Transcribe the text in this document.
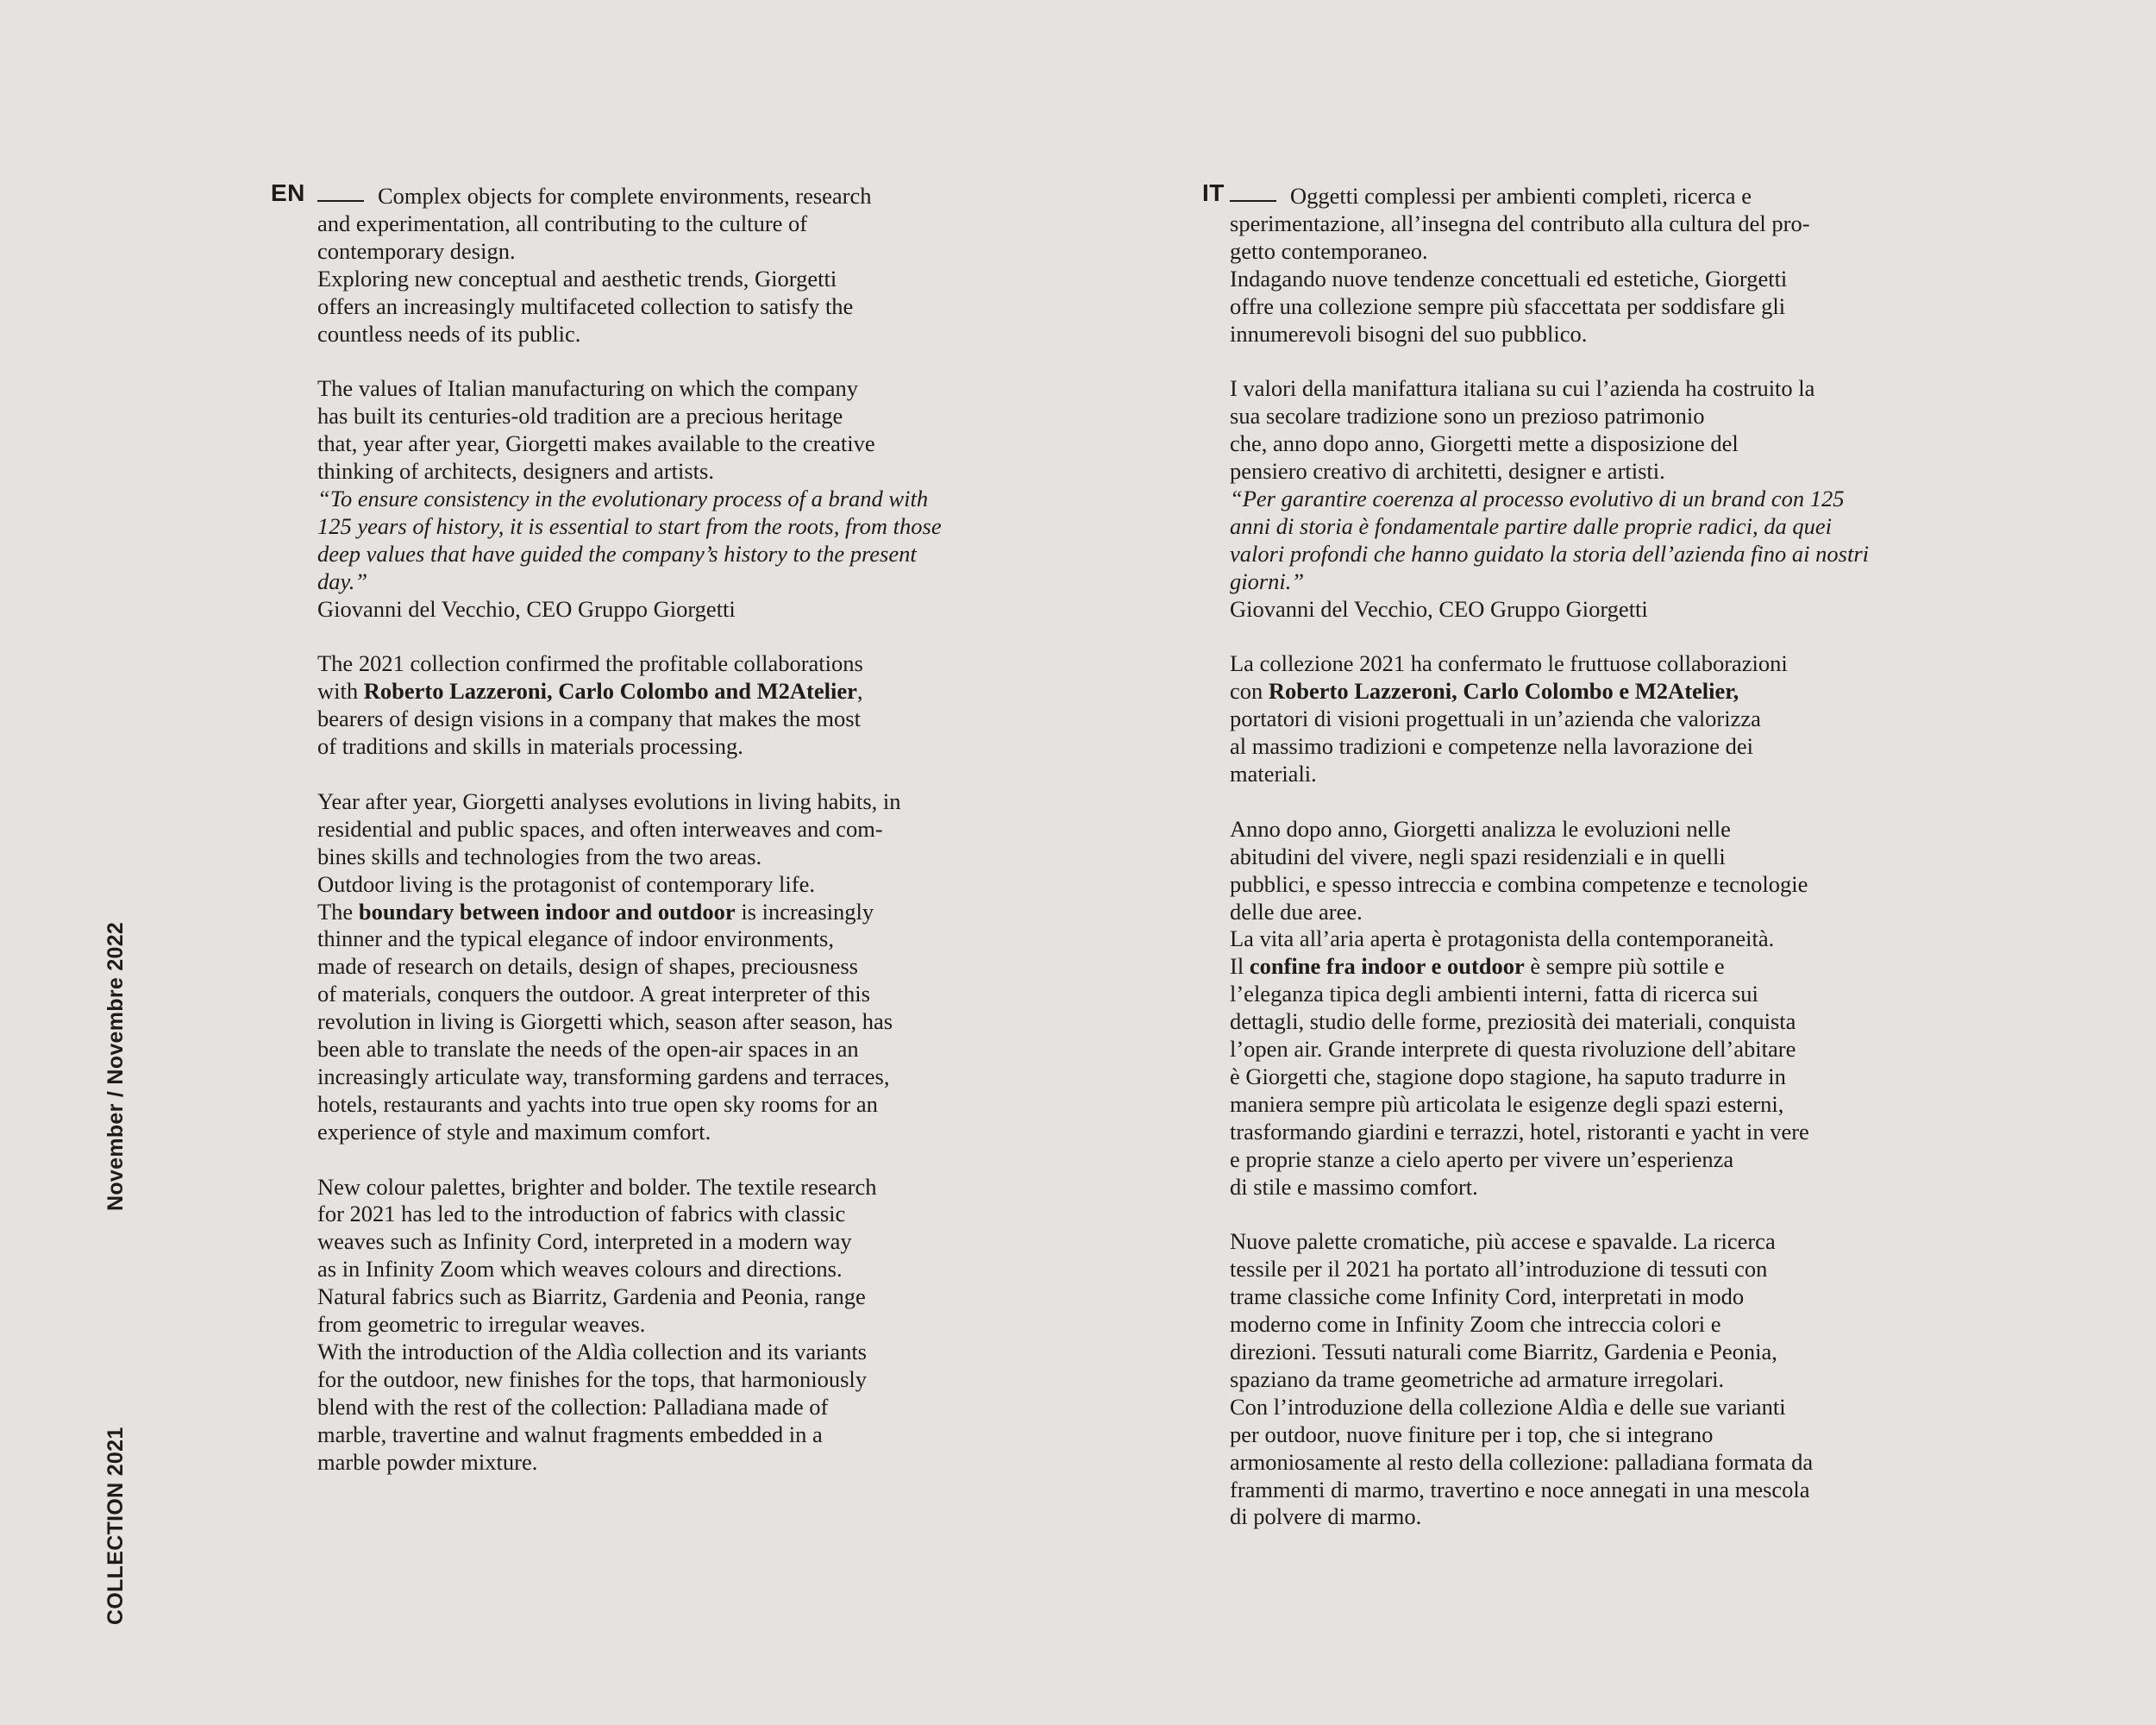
November / Novembre 2022
COLLECTION 2021
EN	IT

Complex objects for complete environments, research
and experimentation, all contributing to the culture of
contemporary design.
Exploring new conceptual and aesthetic trends, Giorgetti
offers an increasingly multifaceted collection to satisfy the
countless needs of its public.

The values of Italian manufacturing on which the company
has built its centuries-old tradition are a precious heritage
that, year after year, Giorgetti makes available to the creative
thinking of architects, designers and artists.
“To ensure consistency in the evolutionary process of a brand with
125 years of history, it is essential to start from the roots, from those
deep values that have guided the company’s history to the present
day.”
Giovanni del Vecchio, CEO Gruppo Giorgetti

The 2021 collection confirmed the profitable collaborations
with Roberto Lazzeroni, Carlo Colombo and M2Atelier,
bearers of design visions in a company that makes the most
of traditions and skills in materials processing.

Year after year, Giorgetti analyses evolutions in living habits, in
residential and public spaces, and often interweaves and com-
bines skills and technologies from the two areas.
Outdoor living is the protagonist of contemporary life.
The boundary between indoor and outdoor is increasingly
thinner and the typical elegance of indoor environments,
made of research on details, design of shapes, preciousness
of materials, conquers the outdoor. A great interpreter of this
revolution in living is Giorgetti which, season after season, has
been able to translate the needs of the open-air spaces in an
increasingly articulate way, transforming gardens and terraces,
hotels, restaurants and yachts into true open sky rooms for an
experience of style and maximum comfort.

New colour palettes, brighter and bolder. The textile research
for 2021 has led to the introduction of fabrics with classic
weaves such as Infinity Cord, interpreted in a modern way
as in Infinity Zoom which weaves colours and directions.
Natural fabrics such as Biarritz, Gardenia and Peonia, range
from geometric to irregular weaves.
With the introduction of the Aldìa collection and its variants
for the outdoor, new finishes for the tops, that harmoniously
blend with the rest of the collection: Palladiana made of
marble, travertine and walnut fragments embedded in a
marble powder mixture.

Oggetti complessi per ambienti completi, ricerca e
sperimentazione, all’insegna del contributo alla cultura del pro-
getto contemporaneo.
Indagando nuove tendenze concettuali ed estetiche, Giorgetti
offre una collezione sempre più sfaccettata per soddisfare gli
innumerevoli bisogni del suo pubblico.

I valori della manifattura italiana su cui l’azienda ha costruito la
sua secolare tradizione sono un prezioso patrimonio
che, anno dopo anno, Giorgetti mette a disposizione del
pensiero creativo di architetti, designer e artisti.
“Per garantire coerenza al processo evolutivo di un brand con 125
anni di storia è fondamentale partire dalle proprie radici, da quei
valori profondi che hanno guidato la storia dell’azienda fino ai nostri
giorni.”
Giovanni del Vecchio, CEO Gruppo Giorgetti

La collezione 2021 ha confermato le fruttuose collaborazioni
con Roberto Lazzeroni, Carlo Colombo e M2Atelier,
portatori di visioni progettuali in un’azienda che valorizza
al massimo tradizioni e competenze nella lavorazione dei
materiali.

Anno dopo anno, Giorgetti analizza le evoluzioni nelle
abitudini del vivere, negli spazi residenziali e in quelli
pubblici, e spesso intreccia e combina competenze e tecnologie
delle due aree.
La vita all’aria aperta è protagonista della contemporaneità.
Il confine fra indoor e outdoor è sempre più sottile e
l’eleganza tipica degli ambienti interni, fatta di ricerca sui
dettagli, studio delle forme, preziosità dei materiali, conquista
l’open air. Grande interprete di questa rivoluzione dell’abitare
è Giorgetti che, stagione dopo stagione, ha saputo tradurre in
maniera sempre più articolata le esigenze degli spazi esterni,
trasformando giardini e terrazzi, hotel, ristoranti e yacht in vere
e proprie stanze a cielo aperto per vivere un’esperienza
di stile e massimo comfort.

Nuove palette cromatiche, più accese e spavalde. La ricerca
tessile per il 2021 ha portato all’introduzione di tessuti con
trame classiche come Infinity Cord, interpretati in modo
moderno come in Infinity Zoom che intreccia colori e
direzioni. Tessuti naturali come Biarritz, Gardenia e Peonia,
spaziano da trame geometriche ad armature irregolari.
Con l’introduzione della collezione Aldìa e delle sue varianti
per outdoor, nuove finiture per i top, che si integrano
armoniosamente al resto della collezione: palladiana formata da
frammenti di marmo, travertino e noce annegati in una mescola
di polvere di marmo.
